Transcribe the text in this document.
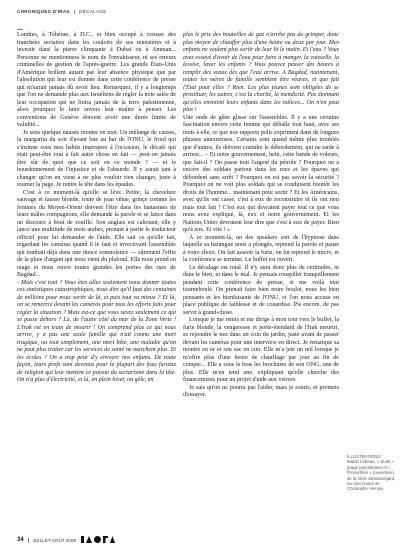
CHRONIQUES D'IRAK DÉCALAGE
...

Londres, à Téhéran, à D.C., et bien occupé à creuser des tranchées sectaires dans les couloirs de ses ministères et à investir dans la pierre clinquante à Dubaï ou à Amman... Personne ne mentionnera le nom de l'envahisseur, ni ses erreurs criminelles de gestion de l'après-guerre. Les grands États-Unis d'Amérique brillent autant par leur absence physique que par l'absolution qui leur est donnée dans cette conférence de presse qui m'aurait jamais dû avoir lieu. Remarquez, il y a longtemps que l'on ne demande plus aux Israéliens de régler la note salée de leur occupation qui ne finira jamais de la terre palestinienne, alors pourquoi le faire envers leur maître à penser. Les conventions de Genève doivent avoir une durée limite de validité...

Je sens quelque nausée monter en moi. Un mélange de causes, la margarita du soir d'avant bue au bar de l'ONU, le froid qui s'insinue sous mes habits impropres à l'occasion, le décafé qui était peut-être tout à fait autre chose en fait — peut-on jamais être sûr de quoi que ce soit en ce monde ? — et le bourdonnement de l'injustice et de l'absurde. Il y aurait tant à changer qu'on en vient à ne plus vouloir rien changer, juste à tourner la page. Je rentre la tête dans les épaules.

C'est à ce moment-là qu'elle se lève. Petite, la chevelure sauvage et fausse blonde, toute de jean vêtue, grinçe comme les femmes du Moyen-Orient doivent l'être dans les fantasmes de leurs mâles compagnons, elle demande la parole et se lance dans un discours à bout de souffle. Son anglais est cahotant, elle y lance une multitude de mots arabes, prenant à partie le traducteur officiel pour lui demander de l'aide. Elle sait ce qu'elle fait, regardant les caméras quand il le faut et invectivant l'assemblée qui tombait déjà dans une douce somnolence — sûrement l'effet de la pluie d'argent qui nous vient du plafond. Elle nous prend en otage et nous ouvre toutes grandes les portes des rues de Bagdad...

- Mais c'est tout ? Vous êtes allez seulement nous donner toutes ces statistiques catastrophiques, nous dire qu'il faut des centaines de millions pour nous sortir de là, et puis tout va mieux ? Et là, on se remercie devant les caméras pour tous les efforts faits pour régler la situation ? Mais est-ce que vous savez seulement ce qui se passe dehors ? Là, de l'autre côté du mur de la Zone Verte ! L'Irak est en train de mourir ! On comprend plus ce qui nous arrive, y a pas une seule famille qui n'ait connu une mort tragique, ou tout simplement, une mort bête, une maladie qu'on ne peut plus traiter car les services de santé ne marchent plus. Et les écoles ? On a trop peur d'y envoyer nos enfants. De toute façon, leurs profs sont devenus pour la plupart des fous furieux de religion qui leur mettent ce poison du sectarisme dans la tête. On n'a plus d'électricité, et là, en plein hiver, on gèle, en

plus le prix des bouteilles de gaz n'arrête pas de grimper, donc plus moyen de chauffer plus d'une heure ou deux par jour. Mes enfants ne veulent plus sortir de leur lit le matin. Et l'eau ? Vous avez essayé d'avoir de l'eau pour faire à manger, la vaisselle, la lessive, laver les enfants ? Vous pouvez passer des heures à remplir des seaux dès que l'eau arrive. A Bagdad, maintenant, toutes les mères de famille semblent être veuves, et que fait l'État pour elles ? Rien. Les plus jeunes sont obligées de se prostituer, les autres, c'est la charité, la mendicité. Pas étonnant qu'elles envoient leurs enfants dans les milices... On n'en peut plus !

Une onde de gêne glisse sur l'assemblée. Il y a une certaine fascination envers cette femme qui déballe tout haut, avec ses mots à elle, ce que nos rapports polis expriment dans de longues phrases amoureuses. Certains sont quand même plus troublés que d'autres, ils doivent craindre le débordement, qui ne tarde à arriver... – Et notre gouvernement, hein, cette bande de voleurs, que fait-il ? On passe tout l'argent du pétrole ? Pourquoi on a encore des soldats partout dans les rues et les épaves qui débordent sans arrêt ? Pourquoi on est pas savoir la sécurité ? Pourquoi on ne voit plus soldats qui se conduisent bientôt les droits de l'homme... maintenant pour sortir ? Et les Américains, avec qu'ils ont cassé, c'est à eux de reconstruire et ils ont rien mais tout fait ! C'est eux qui devraient payer tout ce que vous nous avez expliqué, là, eux et notre gouvernement. Et les Nations Unies devraient leur dire que c'est à eux de payer. Rien qu'à eux. Et vite ! »

À ce moment-là, un des speakers sort de l'hypnose dans laquelle sa harangue nous a plongés, reprend la parole et pause à votre choix. On fait asseoir la furie, on lui reprend le micro, et la conférence se termine. Le buffet est ouvert.

Le décalage est total. Il n'y aura donc plus de certitudes, ni dans le bien, ni dans le mal. Je pensais rouspiller tranquillement pendant cette conférence de presse, et me voilà tout tourneboulé. On prenait faire bien notre boulot, nous les bien pensants et les bienfaisants de l'ONU, et l'on nous accuse en place publique de faiblesse et de couardise. Pis encore, de pas servir à grand-chose.

Lorsque je me remis et me dirige à mon tour vers le buffet, la furie blonde, la vengeresse et porte-étendard de l'Irak meurtri, se repoudre le nez dans un coin du jardin, juste avant de passer devant les caméras pour une interview en direct. Je remarque sa montre en or et son sac en cuir. Elle m'a jeté un œil lorsque je m'offre plus d'une heure de chauffage par jour au fin de compte... Elle a sous le bras les brochures de son ONG, une de plus. Elle m'en tend une, expliquant qu'elle cherche des financements pour un projet d'aide aux veuves.

Je sais qu'on ne pourra pas l'aider, mais je souris, et promets d'essayer.

ILLUSTRATIONS :
Martin Lebeau, « Suite » (page précédente) et « Prométhée » (ouverture), de la série Jamaisregard, sur des textes de Christophe Vernoiy.
34 JUILLET-AOÛT 2008
